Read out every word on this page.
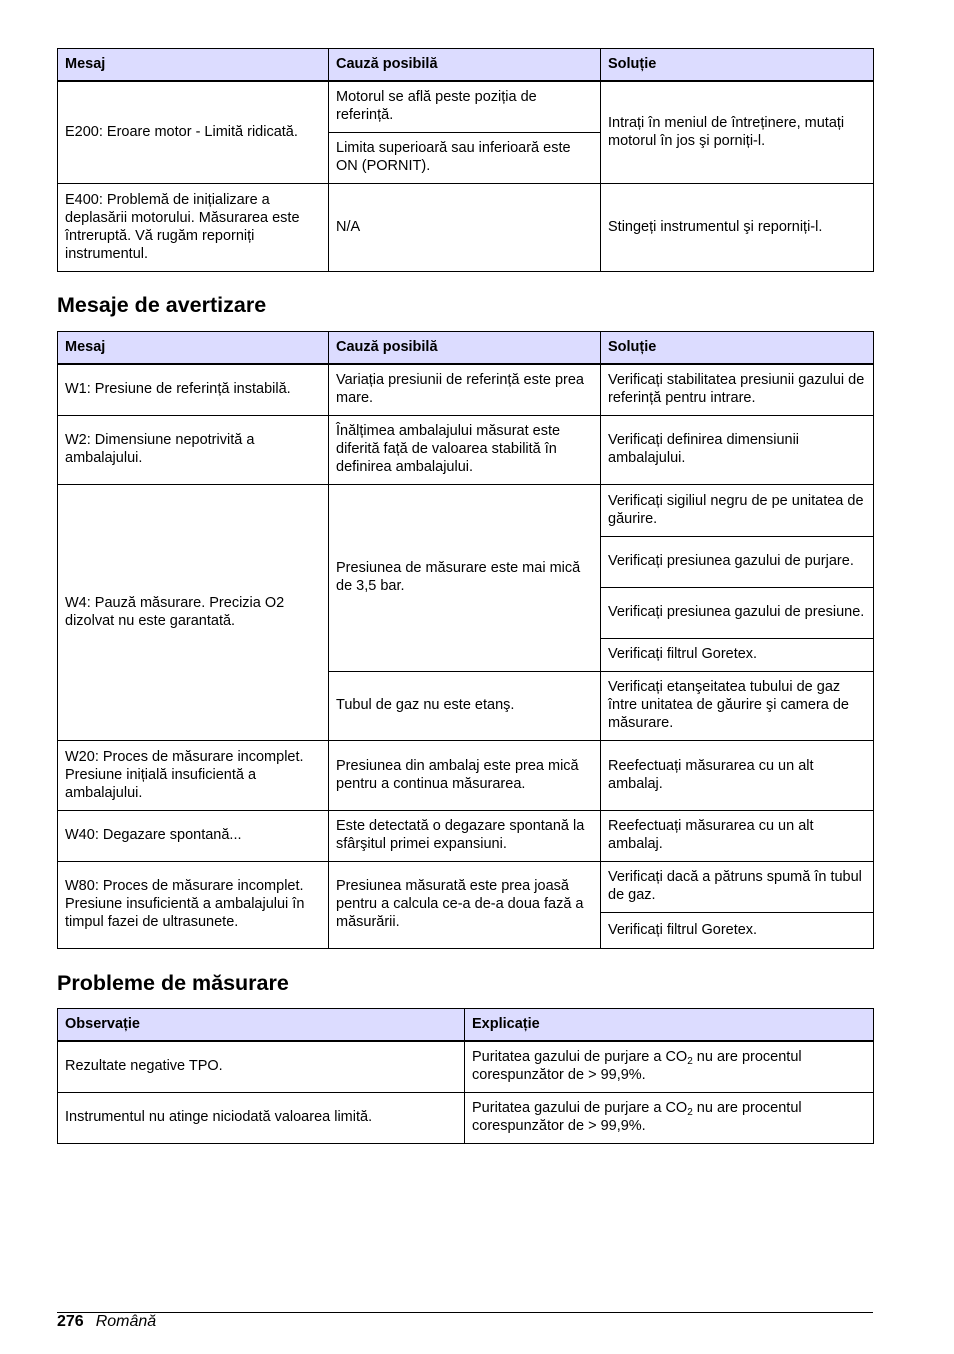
Mesaj	Cauză posibilă	Soluție
E200: Eroare motor - Limită ridicată.	Motorul se află peste poziția de referință.	Intrați în meniul de întreținere, mutați motorul în jos şi porniți-l.
	Limita superioară sau inferioară este ON (PORNIT).	
E400: Problemă de inițializare a deplasării motorului. Măsurarea este întreruptă. Vă rugăm reporniți instrumentul.	N/A	Stingeți instrumentul şi reporniți-l.
Mesaje de avertizare
Mesaj	Cauză posibilă	Soluție
W1: Presiune de referință instabilă.	Variația presiunii de referință este prea mare.	Verificați stabilitatea presiunii gazului de referință pentru intrare.
W2: Dimensiune nepotrivită a ambalajului.	Înălțimea ambalajului măsurat este diferită față de valoarea stabilită în definirea ambalajului.	Verificați definirea dimensiunii ambalajului.
W4: Pauză măsurare. Precizia O2 dizolvat nu este garantată.	Presiunea de măsurare este mai mică de 3,5 bar.	Verificați sigiliul negru de pe unitatea de găurire.
		Verificați presiunea gazului de purjare.
		Verificați presiunea gazului de presiune.
		Verificați filtrul Goretex.
	Tubul de gaz nu este etanş.	Verificați etanşeitatea tubului de gaz între unitatea de găurire şi camera de măsurare.
W20: Proces de măsurare incomplet. Presiune inițială insuficientă a ambalajului.	Presiunea din ambalaj este prea mică pentru a continua măsurarea.	Reefectuați măsurarea cu un alt ambalaj.
W40: Degazare spontană...	Este detectată o degazare spontană la sfârşitul primei expansiuni.	Reefectuați măsurarea cu un alt ambalaj.
W80: Proces de măsurare incomplet. Presiune insuficientă a ambalajului în timpul fazei de ultrasunete.	Presiunea măsurată este prea joasă pentru a calcula ce-a de-a doua fază a măsurării.	Verificați dacă a pătruns spumă în tubul de gaz.
		Verificați filtrul Goretex.
Probleme de măsurare
Observație	Explicație
Rezultate negative TPO.	Puritatea gazului de purjare a $CO_2$ nu are procentul corespunzător de > 99,9%.
Instrumentul nu atinge niciodată valoarea limită.	Puritatea gazului de purjare a $CO_2$ nu are procentul corespunzător de > 99,9%.
276 Română
